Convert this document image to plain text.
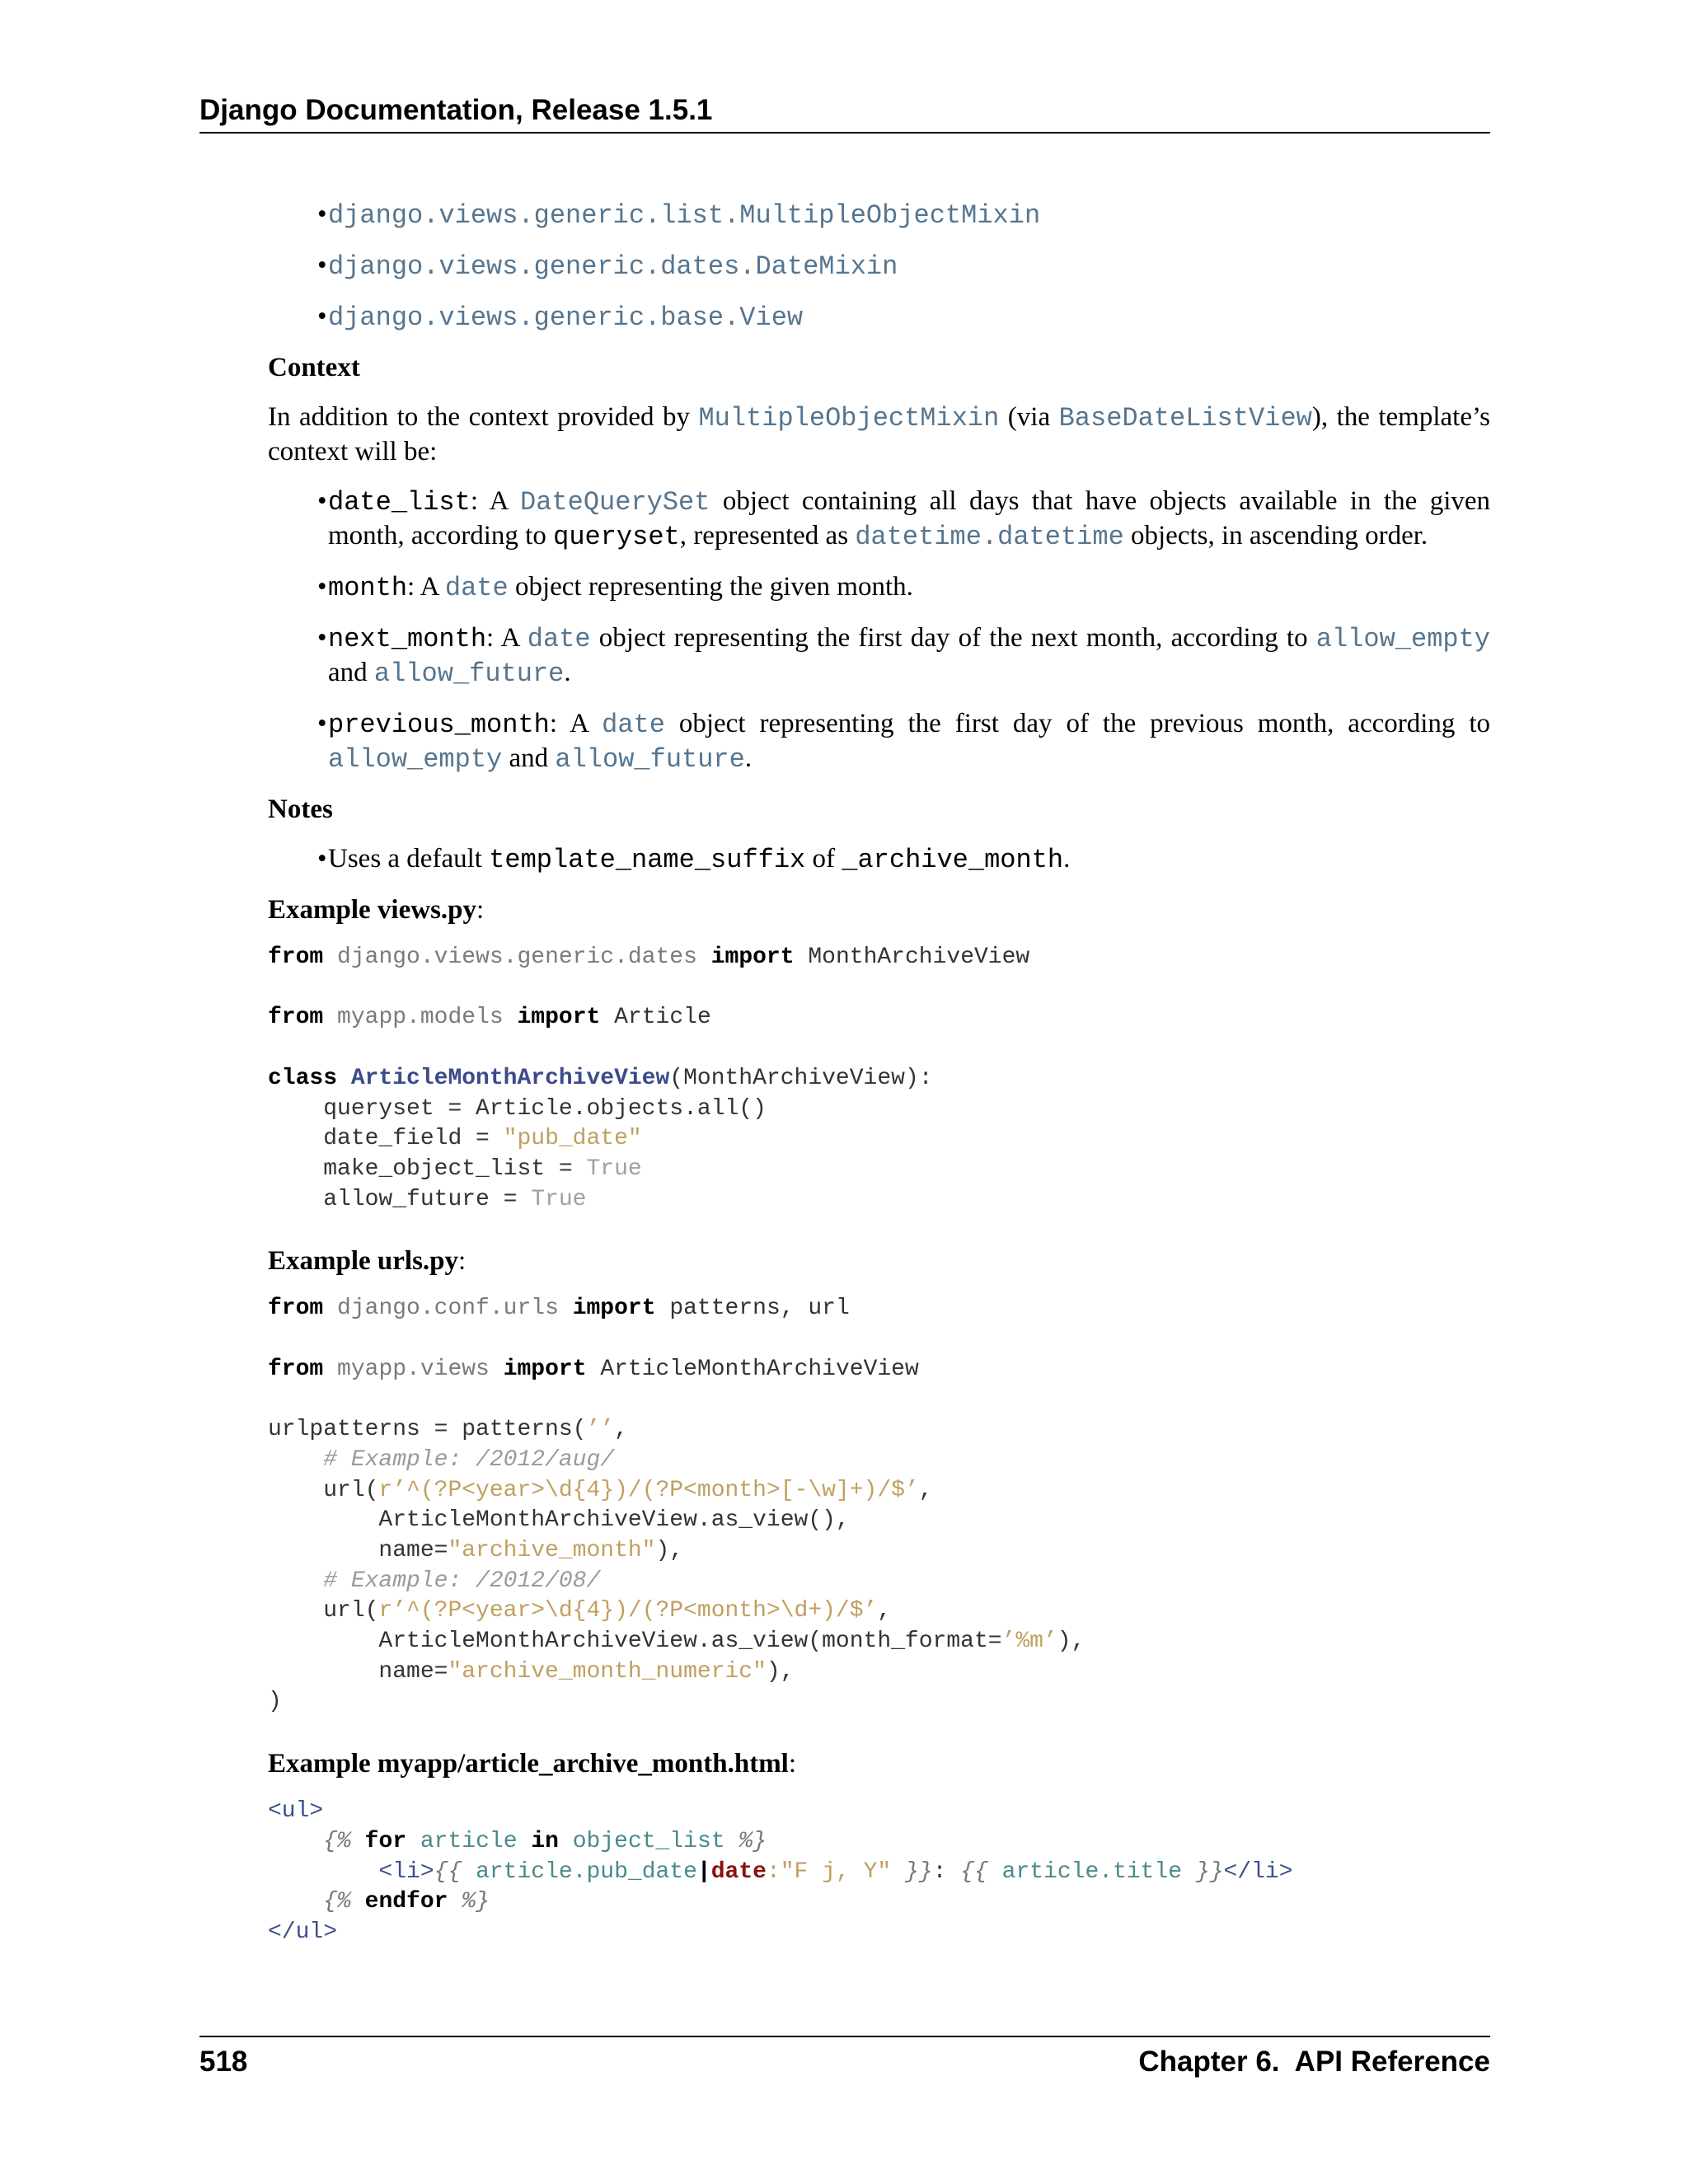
Django Documentation, Release 1.5.1
• django.views.generic.list.MultipleObjectMixin
• django.views.generic.dates.DateMixin
• django.views.generic.base.View
Context
In addition to the context provided by MultipleObjectMixin (via BaseDateListView), the template’s context will be:
• date_list: A DateQuerySet object containing all days that have objects available in the given month, according to queryset, represented as datetime.datetime objects, in ascending order.
• month: A date object representing the given month.
• next_month: A date object representing the first day of the next month, according to allow_empty and allow_future.
• previous_month: A date object representing the first day of the previous month, according to allow_empty and allow_future.
Notes
• Uses a default template_name_suffix of _archive_month.
Example views.py:
from django.views.generic.dates import MonthArchiveView

from myapp.models import Article

class ArticleMonthArchiveView(MonthArchiveView):
queryset = Article.objects.all()
date_field = "pub_date"
make_object_list = True
allow_future = True
Example urls.py:
from django.conf.urls import patterns, url

from myapp.views import ArticleMonthArchiveView

urlpatterns = patterns(’’,
# Example: /2012/aug/
url(r’^(?P<year>\d{4})/(?P<month>[-\w]+)/$’,
ArticleMonthArchiveView.as_view(),
name="archive_month"),
# Example: /2012/08/
url(r’^(?P<year>\d{4})/(?P<month>\d+)/$’,
ArticleMonthArchiveView.as_view(month_format=’%m’),
name="archive_month_numeric"),
)
Example myapp/article_archive_month.html:
<ul>
{% for article in object_list %}
<li>{{ article.pub_date|date:"F j, Y" }}: {{ article.title }}</li>
{% endfor %}
</ul>
518	Chapter 6.  API Reference
